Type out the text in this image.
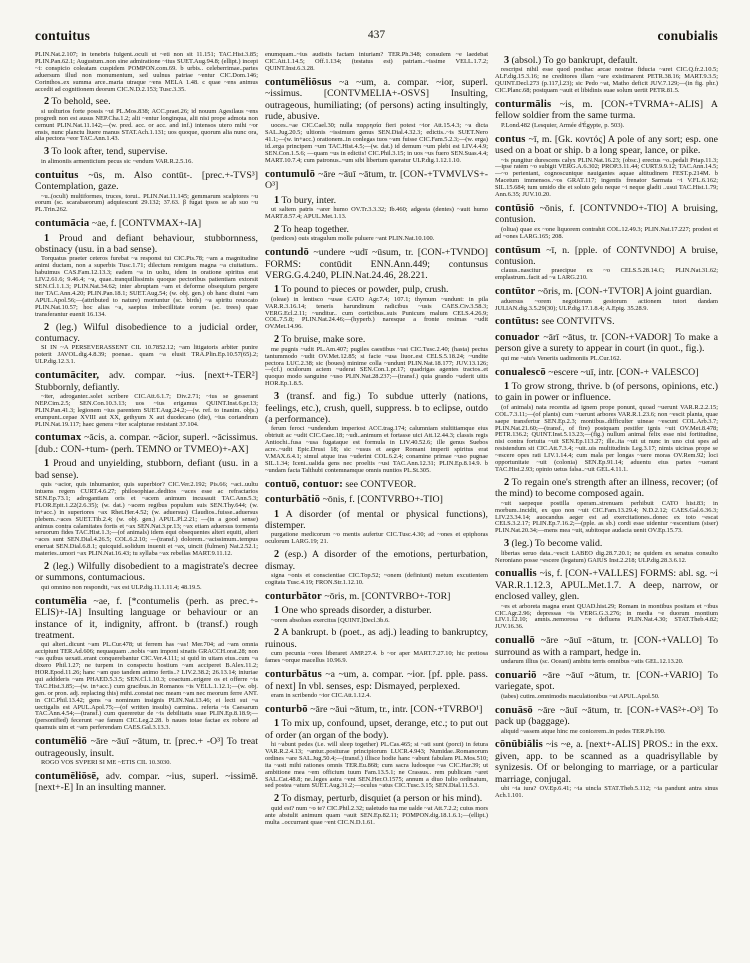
contuitus	437	conubialis

PLIN.Nat.2.107; in tenebris fulgent..oculi ut ~eti non sit 11.151; TAC.Hist.3.85; PLIN.Pan.62.1; Augustum..non sine admiratione ~itus SUET.Aug.94.8; (ellipt.) incepi ~i: conspicio coleatam cuspidem POMPON.com.69. b urbis.. celeberrimae..partes aduersum illud non monumentum, sed uulnus patriae ~entur CIC.Dom.146; Corinthos..ex summa arce..maria utraque ~ens MELA 1.48. c quae ~ens animus accedit ad cognitionem deorum CIC.N.D.2.153; Tusc.3.35.

2 To behold, see.

si uolturios forte possis ~ui PL.Mos.838; ACC.praet.26; id nouum Agesilaus ~ens progredi non est ausus NEP.Cha.1.2; alii ~entur longinqua, alii nisi prope admota non cernunt PLIN.Nat.11.142;—(w. pred. acc. or acc. and inf.) intensos utero mihi ~or ensis, nunc planctu liuere manus STAT.Ach.1.131; uos quoque, quorum alia nunc ora, alia pectora ~eor TAC.Ann.1.43.

3 To look after, tend, supervise.

in alimoniis armenticium pecus sic ~endum VAR.R.2.5.16.

contuitus ~ūs, m. Also contūt-. [prec.+-TVS³] Contemplation, gaze.

~u..(oculi) multiformes, truces, torui.. PLIN.Nat.11.145; gemmarum scalptores ~u eorum (sc. scarabaeorum) adquiescunt 29.132; 37.63. β fugat ipsos se ab suo ~u PL.Trin.262.

contumācia ~ae, f. [CONTVMAX+-IA]

1 Proud and defiant behaviour, stubbornness, obstinacy (usu. in a bad sense).

Torquatus praeter ceteros furebat ~a responsi tui CIC.Pis.78; ~am a magnitudine animi ductam, non a superbis Tusc.1.71; dilectum remigum magna ~a ciuitatium.. habuimus CAS.Fam.12.13.3; eadem ~a in uoltu, idem in oratione spiritus erat LIV.2.61.6; 9.46.4; ~a, quae..tranquillissimis quoque pectoribus patientiam extorsit SEN.Cl.1.1.3; PLIN.Nat.34.62; inter abruptam ~am et deforme obsequium pergere iter TAC.Ann.4.20; PLIN.Pan.18.1; SUET.Aug.54; (w. obj. gen.) ob hanc diuini ~am APUL.Apol.56;—(attributed to nature) moriuntur (sc. birds) ~a spiritu reuocato PLIN.Nat.10.57; hoc alias ~a, saepius imbecillitate eorum (sc. trees) quae transferantur euenit 16.134.

2 (leg.) Wilful disobedience to a judicial order, contumacy.

SI IN ~A PERSEVERASSENT CIL 10.7852.12; ~am litigatoris arbiter punire poterit JAVOL.dig.4.8.39; poenae.. quam ~a elusit TRA.Plin.Ep.10.57(65).2; ULP.dig.12.3.1.

contumāciter, adv. compar. ~ius. [next+-TER²] Stubbornly, defiantly.

~iter, adroganter..solet scribere CIC.Att.6.1.7; Div.2.71; ~ius se gesserant NEP.Cim.2.5; SEN.Con.10.3.13; uos ~ius erigamus QUINT.Inst.6.pr.13; PLIN.Pan.41.3; legionem ~ius parentem SUET.Aug.24.2;—(w. ref. to inanim. objs.) erumpunt..cepae XVIII aut XX, gethyum X aut duodecano (die), ~ius coriandrum PLIN.Nat.19.117; haec genera ~iter scalpturae resistant 37.104.

contumax ~ācis, a. compar. ~ācior, superl. ~ācissimus. [dub.: CON-+tum- (perh. TEMNO or TVMEO)+-AX]

1 Proud and unyielding, stubborn, defiant (usu. in a bad sense).

quis ~acior, quis inhumanior, quis superbior? CIC.Ver.2.192; Pis.66; ~aci..uultu intuens regem CURT.4.6.27; philosophiae..deditos ~aces esse ac refractarios SEN.Ep.73.1; adrogantiam oris et ~acem animum incusauit TAC.Ann.5.3; FLOR.Epit.1.22(2.6.35); (w. dat.) ~acem regibus populum suis SEN.Thy.644; (w. in+acc.) in superiores ~ax Rhet.Her.4.52; (w. aduersus) Claudios..fuisse..aduersus plebem..~aces SUET.Tib.2.4; (w. obj. gen.) APUL.Pl.2.21; —(in a good sense) animus contra calamitates fortis et ~ax SEN.Nat.3.pr.13; ~ax etiam aduersus tormenta seruorum fides TAC.Hist.1.3;—(of animals) idem equi obsequentes alteri equiti, alteri ~aces sunt SEN.Dial.4.26.5; COL.6.2.10; —(transf.) dolorem..~acissimum..tempus eneruat SEN.Dial.6.8.1; quicquid..solidum inuenit et ~ax, uincit (fulmen) Nat.2.52.1; materies..umori ~ax PLIN.Nat.16.43; tu syllaba ~ax rebellas MART.9.11.12.

2 (leg.) Wilfully disobedient to a magistrate's decree or summons, contumacious.

qui omnino non respondit, ~ax est ULP.dig.11.1.11.4; 48.19.5.

contumēlia ~ae, f. [*contumelis (perh. as prec.+-ELIS)+-IA] Insulting language or behaviour or an instance of it, indignity, affront. b (transf.) rough treatment.

qui alteri..dicunt ~am PL.Cur.478; ut ferrem has ~as! Mer.704; ad ~am omnia accipiunt TER.Ad.606; nequaquam ..nobis ~am imponi sinatis GRACCH.orat.28; non ~as quibus uexati..erant conquerebantur CIC.Ver.4.111; si quid in uitam eius..cum ~a dixero Phil.1.27; ne turpem in conspectu hostium ~am acciperet B.Alex.11.2; HOR.Epod.11.26; hanc ~am quo tandem animo fertis..? LIV.2.38.2; 26.13.14; iniuriae qui addideris ~am PHAED.5.3.5; SEN.Cl.1.10.3; coactum..erigere os et offerre ~is TAC.Hist.3.85;—(w. in+acc.) cum gracibus..in Romanos ~is VELL.1.12.1;—(w. obj. gen. or pron. adj. replacing this) mihi..constat nec meam ~am nec meorum ferre ANT. in CIC.Phil.13.42; gens ~a nominum insignis PLIN.Nat.13.46; ei lecti sui ~a uectigalis est APUL.Apol.75;—(of written insults) carmina.. referta ~is Caesarum TAC.Ann.4.54;—(transf.) cum quereretur de ~is debilitatis suae PLIN.Ep.8.18.9;—(personified) fecerunt ~ae fanum CIC.Leg.2.28. b naues totae factae ex robore ad quamuis uim et ~am perferendam CAES.Gal.3.13.3.

contumēliō ~āre ~āuī ~ātum, tr. [prec.+ -O³] To treat outrageously, insult.

ROGO VOS SVPERI SI ME ~ETIS CIL 10.3030.

contumēliōsē, adv. compar. ~ius, superl. ~issimē. [next+-E] In an insulting manner.

enumquam..~ius audistis factam iniuriam? TER.Ph.348; consulem ~e laedebat CIC.Att.1.14.5; Off.1.134; (testatus est) patriam..~issime VELL.1.7.2; QUINT.Inst.6.3.28.

contumēliōsus ~a ~um, a. compar. ~ior, superl. ~issimus. [CONTVMELIA+-OSVS] Insulting, outrageous, humiliating; (of persons) acting insultingly, rude, abusive.

uoces..~ae CIC.Cael.30; nulla παρρησία fieri potest ~ior Att.15.4.3; ~a dicta SAL.Jug.20.5; ultionis ~issimum genus SEN.Dial.4.32.3; edictis..~is SUET.Nero 41.1;—(w. in+acc.) orationem..in conlegas tuos ~am fuisse CIC.Fam.5.2.3;—(w. erga) id..erga principem ~um TAC.Hist.4.5;—(w. dat.) id demum ~um plebi est LIV.4.4.9; SEN.Con.1.5.6; —quam ~us in edictis! CIC.Phil.3.15; in uos ~us fuero SEN.Suas.4.4; MART.10.7.4; cum patronus..~um sibi libertum queratur ULP.dig.1.12.1.10.

contumulō ~āre ~āuī ~ātum, tr. [CON-+TVMVLVS+-O³]

1 To bury, inter.

ut saltem patris ~arer humo OV.Tr.3.3.32; Ib.460; adgesta (dentes) ~auit humo MART.8.57.4; APUL.Met.1.13.

2 To heap together.

(perdices) ouis stragulum molle puluere ~ant PLIN.Nat.10.100.

contundō ~undere ~udī ~ūsum, tr. [CON-+TVNDO] FORMS: contūdit ENN.Ann.449; contunsus VERG.G.4.240, PLIN.Nat.24.46, 28.221.

1 To pound to pieces or powder, pulp, crush.

(oleae) in lentisco ~usae CATO Agr.7.4; 107.1; thymum ~undunt: in pila VAR.R.3.16.14; teneris harundinum radicibus ~usis CAES.Civ.3.58.3; VERG.Ecl.2.11; ~unditur.. cum corticibus..suis Punicum malum CELS.4.26.9; COL.7.5.8; PLIN.Nat.24.46;—(hyperb.) naresque a fronte resimas ~udit OV.Met.14.96.

2 To bruise, make sore.

me pugnis ~udit PL.Am.407; pugiles caestibus ~usi CIC.Tusc.2.40; (hasta) pectus tantummodo ~udit OV.Met.12.85; si facie ~usa liuor..est CELS.5.18.24; ~undite pectora LUC.2.38; sic (boues) minime colla ~undunt PLIN.Nat.18.177; JUV.13.126;—(cf.) oculorum aciem ~uderat SEN.Con.1.pr.17; quadrigas agentes tractos..et quoquo modo sanguine ~uso PLIN.Nat.28.237;—(transf.) quia grando ~uderit uitis HOR.Ep.1.8.5.

3 (transf. and fig.) To subdue utterly (nations, feelings, etc.), crush, quell, suppress. b to eclipse, outdo (a performance).

ferum feroci ~undendum imperiost ACC.trag.174; calumniam stultitiamque eius obtriuit ac ~udit CIC.Caec.18; ~udi..animum et fortasse uici Att.12.44.3; classis regis Antiochi..fusa ~usa fugataque est formula in LIV.40.52.6; ille genus Suebos acre..~udit Epic.Drusi 18; sic ~usus et aeger Romani imperii spiritus erat V.MAX.6.4.1; simul atque iras ~uderint COL.6.2.4; conamine primae ~uso pugnae SIL.1.34; Iceni..ualida gens nec proeliis ~usi TAC.Ann.12.31; PLIN.Ep.8.14.9. b ~undam facta Talthubi contemnamque omnis nuntios PL.St.305.

contuō, contuor: see CONTVEOR.

conturbātiō ~ōnis, f. [CONTVRBO+-TIO]

1 A disorder (of mental or physical functions), distemper.

purgatione medicorum ~o mentis aufertur CIC.Tusc.4.30; ad ~ones et epiphoras oculorum LARG.19; 21.

2 (esp.) A disorder of the emotions, perturbation, dismay.

signa ~onis et conscientiae CIC.Top.52; ~onem (definiunt) metum excutientem cogitata Tusc.4.19; FRON.Str.1.12.10.

conturbātor ~ōris, m. [CONTVRBO+-TOR]

1 One who spreads disorder, a disturber.

~orem absolues exercitus [QUINT.]Decl.3b.6.

2 A bankrupt. b (poet., as adj.) leading to bankruptcy, ruinous.

cum pecunia ~ores liberaret AMP.27.4. b ~or aper MART.7.27.10; hic pretiosa fames ~orque macellus 10.96.9.

conturbātus ~a ~um, a. compar. ~ior. [pf. pple. pass. of next] In vbl. senses, esp: Dismayed, perplexed.

eram in scribendo ~ior CIC.Att.1.12.4.

conturbō ~āre ~āui ~ātum, tr., intr. [CON-+TVRBO¹]

1 To mix up, confound, upset, derange, etc.; to put out of order (an organ of the body).

hi ~abunt pedes (i.e. will sleep together) PL.Cas.465; si ~ati sunt (porci) in fetura VAR.R.2.4.13; ~antur..positurae principiorum LUCR.4.943; Numidae..Romanorum ordines ~are SAL.Jug.50.4;—(transf.) illisce hodie hanc ~abunt fabulam PL.Mos.510; ita ~asti mihi rationes omnis TER.Eu.868; cum sacra ludosque ~as CIC.Har.39; ut ambitione mea ~em officium tuum Fam.13.5.1; ne Crassus.. rem publicam ~aret SAL.Cat.48.8; ne..leges astra ~ent SEN.Her.O.1575; annum a diuo Iulio ordinatum, sed postea ~atum SUET.Aug.31.2;—oculus ~atus CIC.Tusc.3.15; SEN.Dial.11.5.3.

2 To dismay, perturb, disquiet (a person or his mind).

quid est? num ~o te? CIC.Phil.2.32; ualetudo tua me ualde ~at Att.7.2.2; cuius mors ante abstulit animum quam ~auit SEN.Ep.82.11; POMPON.dig.18.1.6.1;—(ellipt.) multa ..occurrant quae ~ent CIC.N.D.1.61.

3 (absol.) To go bankrupt, default.

rescripsi nihil esse quod posthac arcae nostrae fiducia ~aret CIC.Q.fr.2.10.5; ALF.dig.15.3.16; ne creditores illam ~are existimarent PETR.38.16; MART.9.3.5; QUINT.Decl.273 (p.117,l.23); sic Pedo ~at, Matho deficit JUV.7.129;—(in fig. phr.) CIC.Planc.68; postquam ~auit et libidinis suae solum uertit PETR.81.5.

conturmālis ~is, m. [CON-+TVRMA+-ALIS] A fellow soldier from the same turma.

P.Lond.482 (Lesquier, Armée d'Égypte, p. 503).

contus ~ī, m. [Gk. κοντός] A pole of any sort; esp. one used on a boat or ship. b a long spear, lance, or pike.

~is pungitur durescens calyx PLIN.Nat.16.23; (obsc.) erectus ~o..pedali Priap.11.3;—ipse ratem ~o subigit VERG.A.6.302; PROP.3.11.44; CURT.9.9.12; TAC.Ann.14.5; —~o pertentant, cognoscuntque nauigantes aquae altitudinem FEST.p.214M. b Macetum immensos..~os GRAT.117; ingentis frenator Sarmata ~i V.FL.6.162; SIL.15.684; tum umido die et soluto gelu neque ~i neque gladii ..usui TAC.Hist.1.79; Ann.6.35; JUV.10.20.

contūsiō ~ōnis, f. [CONTVNDO+-TIO] A bruising, contusion.

(oliua) quae ex ~one liquorem contrahit COL.12.49.3; PLIN.Nat.17.227; prodest et ad ~ones LARG.165; 208.

contūsum ~ī, n. [pple. of CONTVNDO] A bruise, contusion.

clauus..nascitur praecipue ex ~o CELS.5.28.14.C; PLIN.Nat.31.62; emplastrum..facit ad ~a LARG.210.

contūtor ~ōris, m. [CON-+TVTOR] A joint guardian.

aduersus ~orem negotiorum gestorum actionem tutori dandam JULIAN.dig.3.5.29(30); ULP.dig.17.1.8.4; A.Epig. 35.28.9.

contūtus: see CONTVITVS.

conuador ~ārī ~ātus, tr. [CON-+VADOR] To make a person give a surety to appear in court (in quot., fig.).

qui me ~atu's Veneriis uadimoniis PL.Cur.162.

conualescō ~escere ~uī, intr. [CON-+ VALESCO]

1 To grow strong, thrive. b (of persons, opinions, etc.) to gain in power or influence.

(of animals) nata recentia ad ignem prope ponunt, quoad ~uerunt VAR.R.2.2.15; COL.7.3.11;—(of plants) cum ~uerunt arbores VAR.R.1.23.6; non ~escit planta, quae saepe transfertur SEN.Ep.2.3; montibus..difficulter uineae ~escunt COL.Arb.3.7; PLIN.Nat.21.60;—(transf., of fire) postquam pestifer ignis ~uit OV.Met.8.478; PETR.136.2; QUINT.Inst.5.13.23;—(fig.) nullum animal felix esse nisi fortitudine, nisi contra fortuita ~uit SEN.Ep.113.27; ille..ita ~uit ut nunc in uno ciui spes ad resistendum sit CIC.Att.7.3.4; ~uit..uis multitudinis Leg.3.17; nimis uicinas prope se ~escere opes rati LIV.1.14.4; cum mala per longas ~uere moras OV.Rem.92; loci opportunitate ~uit (colonia) SEN.Ep.91.14; aduentu eius partes ~uerant TAC.Hist.2.93; opinio uetus falsa..~uit GEL.4.11.1.

2 To regain one's strength after an illness, recover; (of the mind) to become composed again.

~uit saepeque postilla operam..strenuam perhibuit CATO hist.83; in morbum..incidit, ex quo non ~uit CIC.Fam.13.29.4; N.D.2.12; CAES.Gal.6.36.3; LIV.23.34.14; auocandus aeger est ad exercitationes..donec ex toto ~escat CELS.3.2.17; PLIN.Ep.7.16.2;—(pple. as sb.) cordi esse uidentur ~escentium (siser) PLIN.Nat.20.34;—mens mea ~uit, subitoque audacia uenit OV.Ep.15.73.

3 (leg.) To become valid.

libertas seruo data..~escit LABEO dig.28.7.20.1; ne quidem ex senatus consulto Neroniano posse ~escere (legatum) GAIUS Inst.2.218; ULP.dig.28.3.6.12.

conuallis ~is, f. [CON-+VALLES] FORMS: abl. sg. ~i VAR.R.1.12.3, APUL.Met.1.7. A deep, narrow, or enclosed valley, glen.

~es et arboreta magna erant QUAD.hist.29; Romam in montibus positam et ~ibus CIC.Agr.2.96; depressas ~is VERG.G.3.276; in media ~e duorum montium LIV.1.12.10; amnis..nemorosa ~e defluens PLIN.Nat.4.30; STAT.Theb.4.82; JUV.16.36.

conuallō ~āre ~āuī ~ātum, tr. [CON-+VALLO] To surround as with a rampart, hedge in.

undarum illius (sc. Oceani) ambitu terris omnibus ~atis GEL.12.13.20.

conuariō ~āre ~āuī ~ātum, tr. [CON-+VARIO] To variegate, spot.

(tabes) cutim..omnimodis maculationibus ~at APUL.Apol.50.

conuāsō ~āre ~āuī ~ātum, tr. [CON-+VAS²+-O³] To pack up (baggage).

aliquid ~assem atque hinc me conicerem..in pedes TER.Ph.190.

cōnūbiālis ~is ~e, a. [next+-ALIS] PROS.: in the exx. given, app. to be scanned as a quadrisyllable by synizesis. Of or belonging to marriage, or a particular marriage, conjugal.

ubi ~ia iura? OV.Ep.6.41; ~ia uincla STAT.Theb.5.112; ~ia pandunt antra sinus Ach.1.101.
